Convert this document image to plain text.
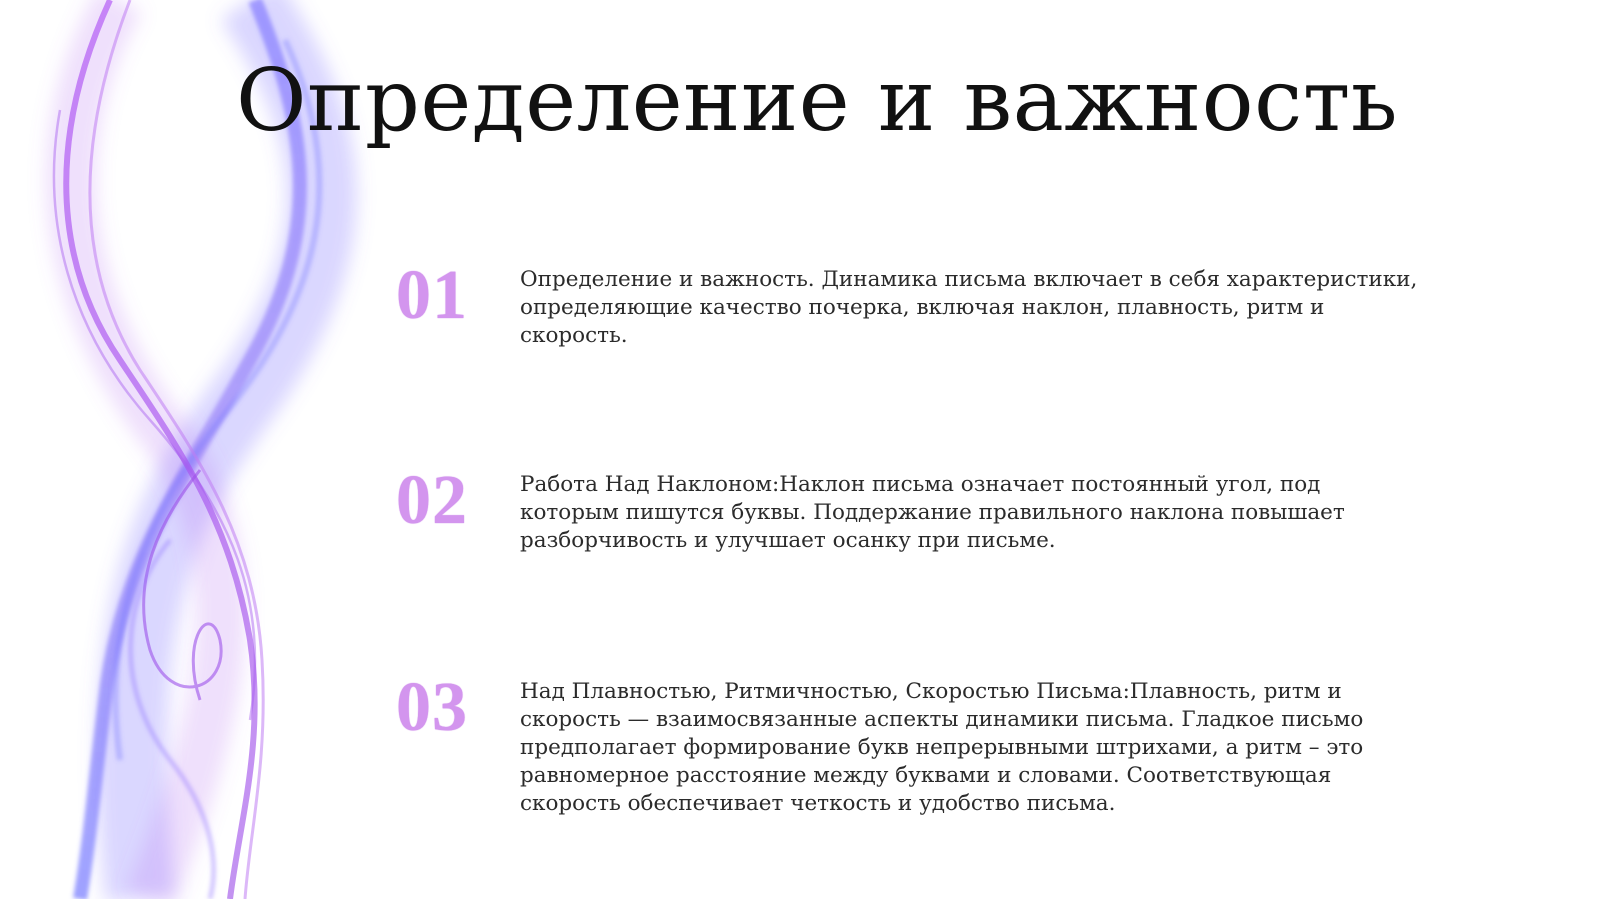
Определение и важность
01 Определение и важность. Динамика письма включает в себя характеристики, определяющие качество почерка, включая наклон, плавность, ритм и скорость.

02 Работа Над Наклоном:Наклон письма означает постоянный угол, под которым пишутся буквы. Поддержание правильного наклона повышает разборчивость и улучшает осанку при письме.

03 Над Плавностью, Ритмичностью, Скоростью Письма:Плавность, ритм и скорость — взаимосвязанные аспекты динамики письма. Гладкое письмо предполагает формирование букв непрерывными штрихами, а ритм – это равномерное расстояние между буквами и словами. Соответствующая скорость обеспечивает четкость и удобство письма.
